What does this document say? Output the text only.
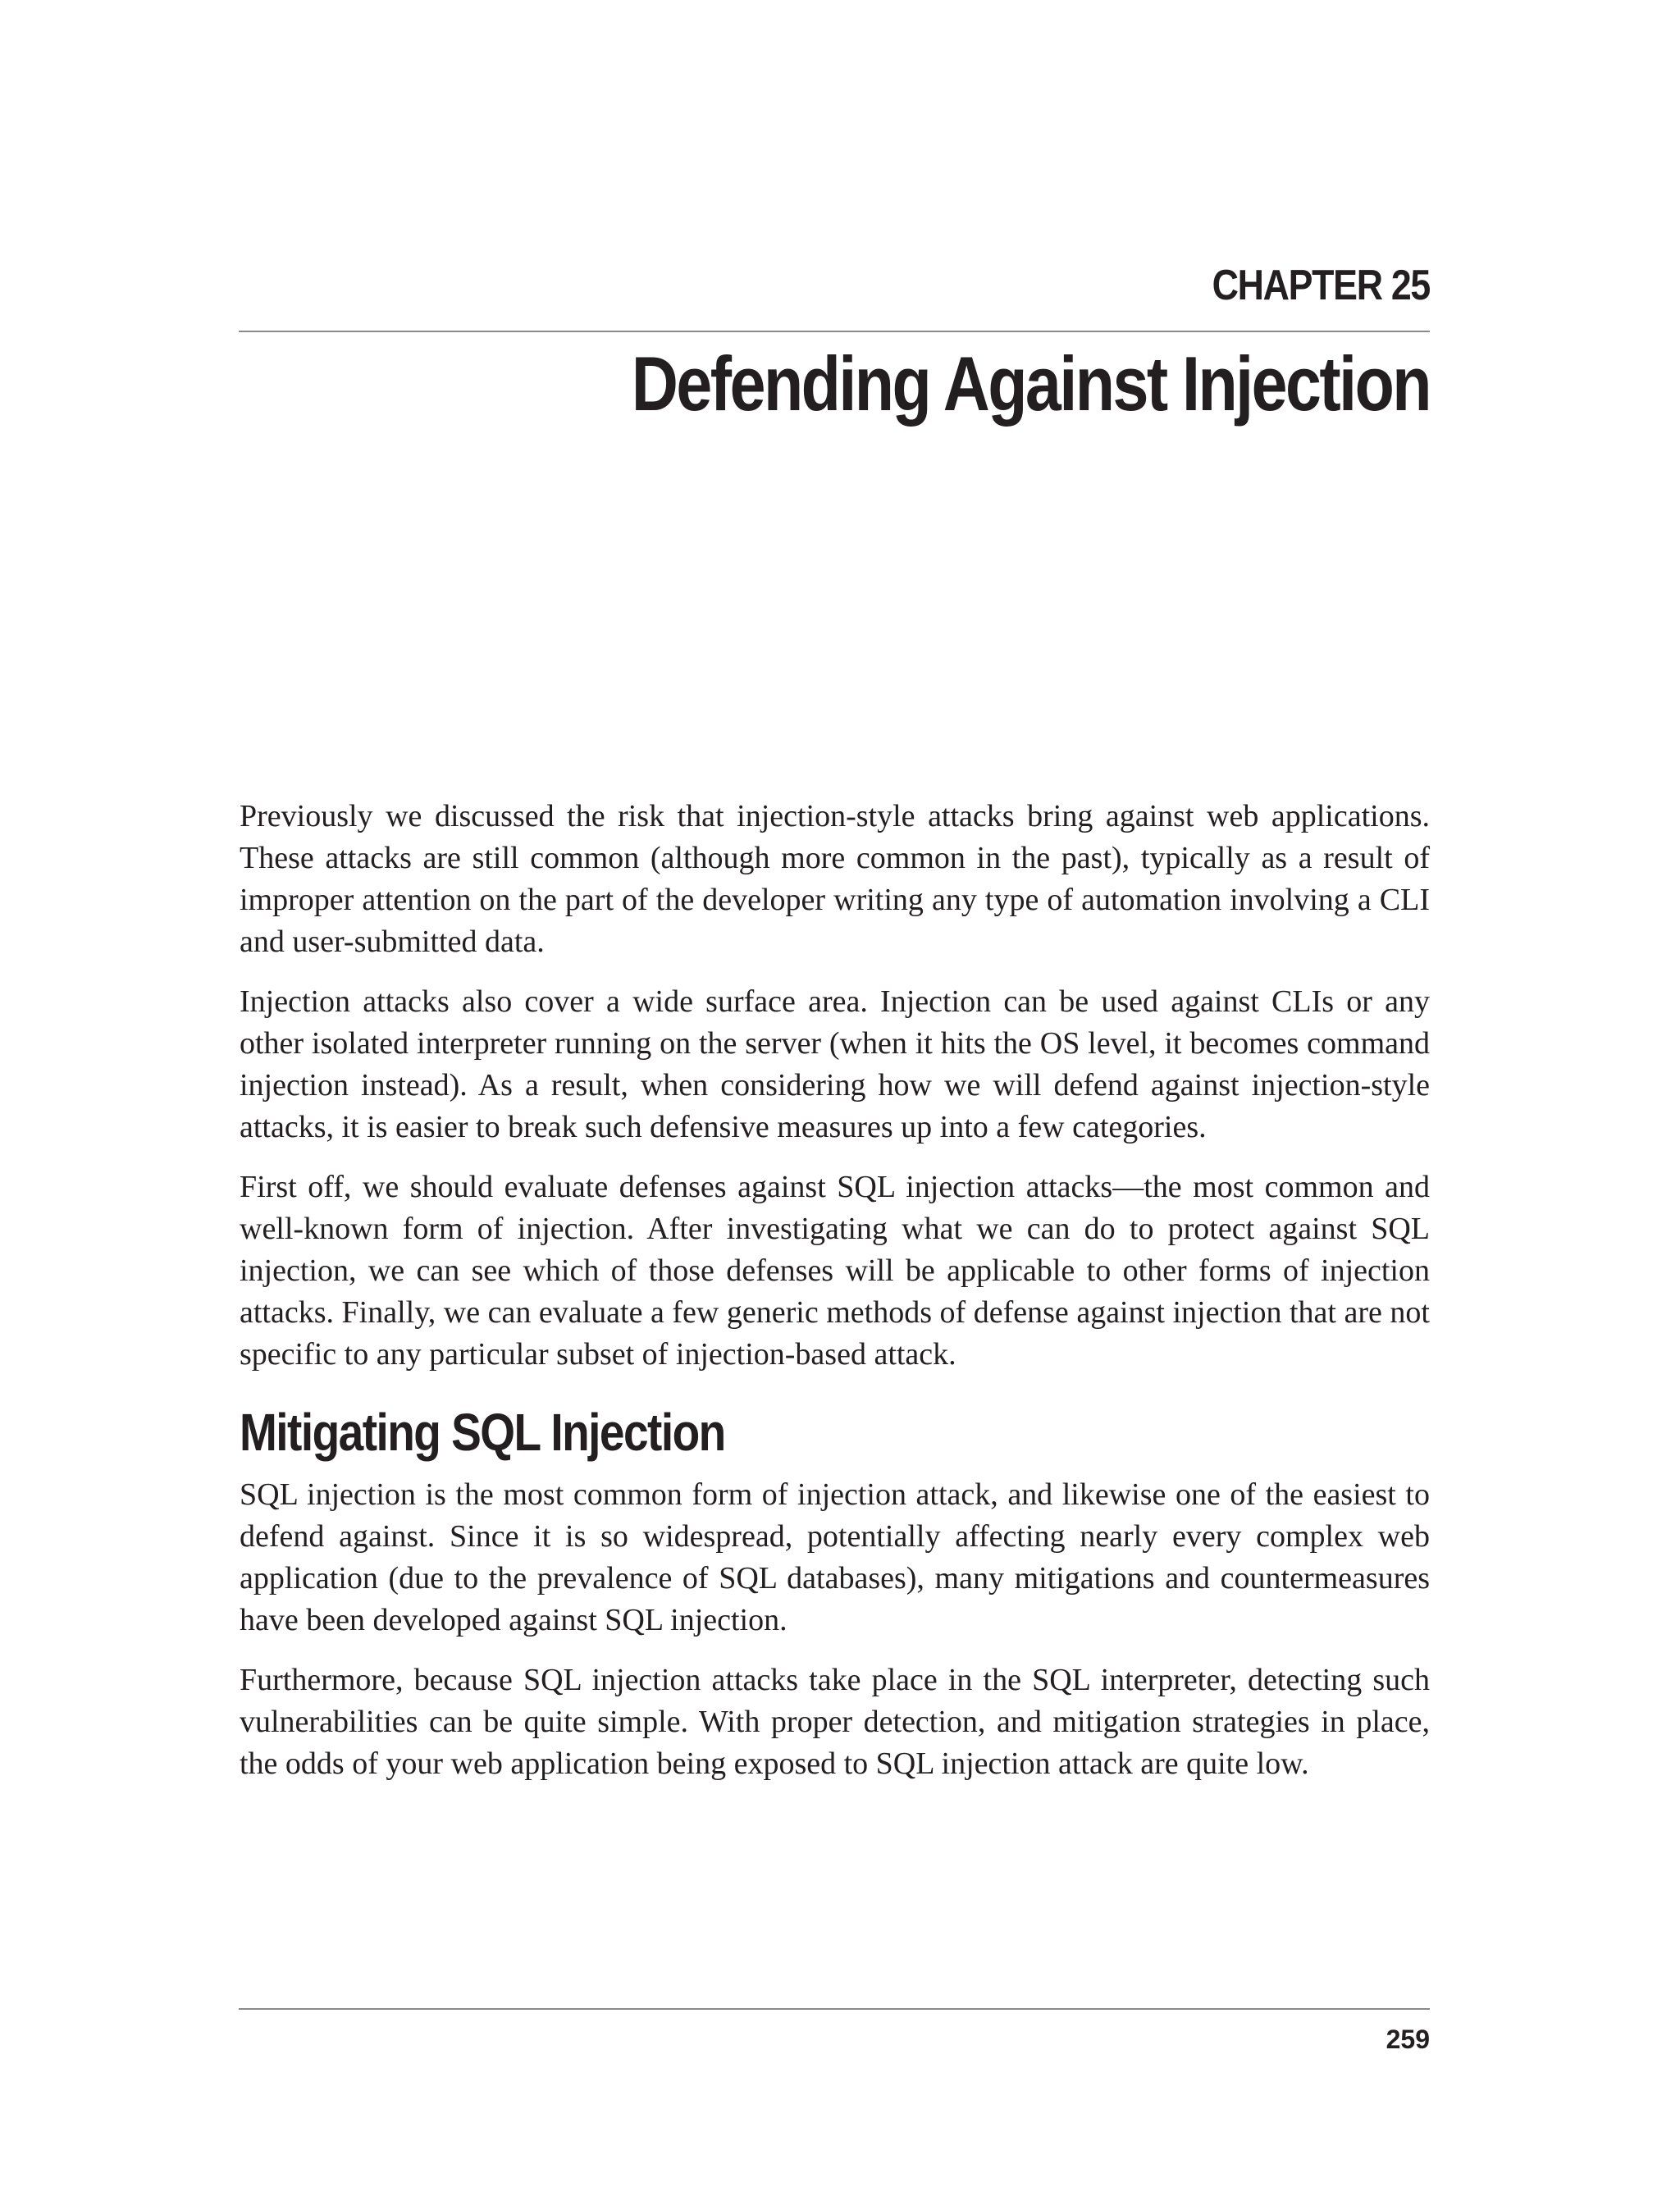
CHAPTER 25
Defending Against Injection

Previously we discussed the risk that injection-style attacks bring against web applications. These attacks are still common (although more common in the past), typically as a result of improper attention on the part of the developer writing any type of automation involving a CLI and user-submitted data.

Injection attacks also cover a wide surface area. Injection can be used against CLIs or any other isolated interpreter running on the server (when it hits the OS level, it becomes command injection instead). As a result, when considering how we will defend against injection-style attacks, it is easier to break such defensive measures up into a few categories.

First off, we should evaluate defenses against SQL injection attacks—the most common and well-known form of injection. After investigating what we can do to protect against SQL injection, we can see which of those defenses will be applicable to other forms of injection attacks. Finally, we can evaluate a few generic methods of defense against injection that are not specific to any particular subset of injection-based attack.

Mitigating SQL Injection

SQL injection is the most common form of injection attack, and likewise one of the easiest to defend against. Since it is so widespread, potentially affecting nearly every complex web application (due to the prevalence of SQL databases), many mitigations and countermeasures have been developed against SQL injection.

Furthermore, because SQL injection attacks take place in the SQL interpreter, detecting such vulnerabilities can be quite simple. With proper detection, and mitigation strategies in place, the odds of your web application being exposed to SQL injection attack are quite low.

259
